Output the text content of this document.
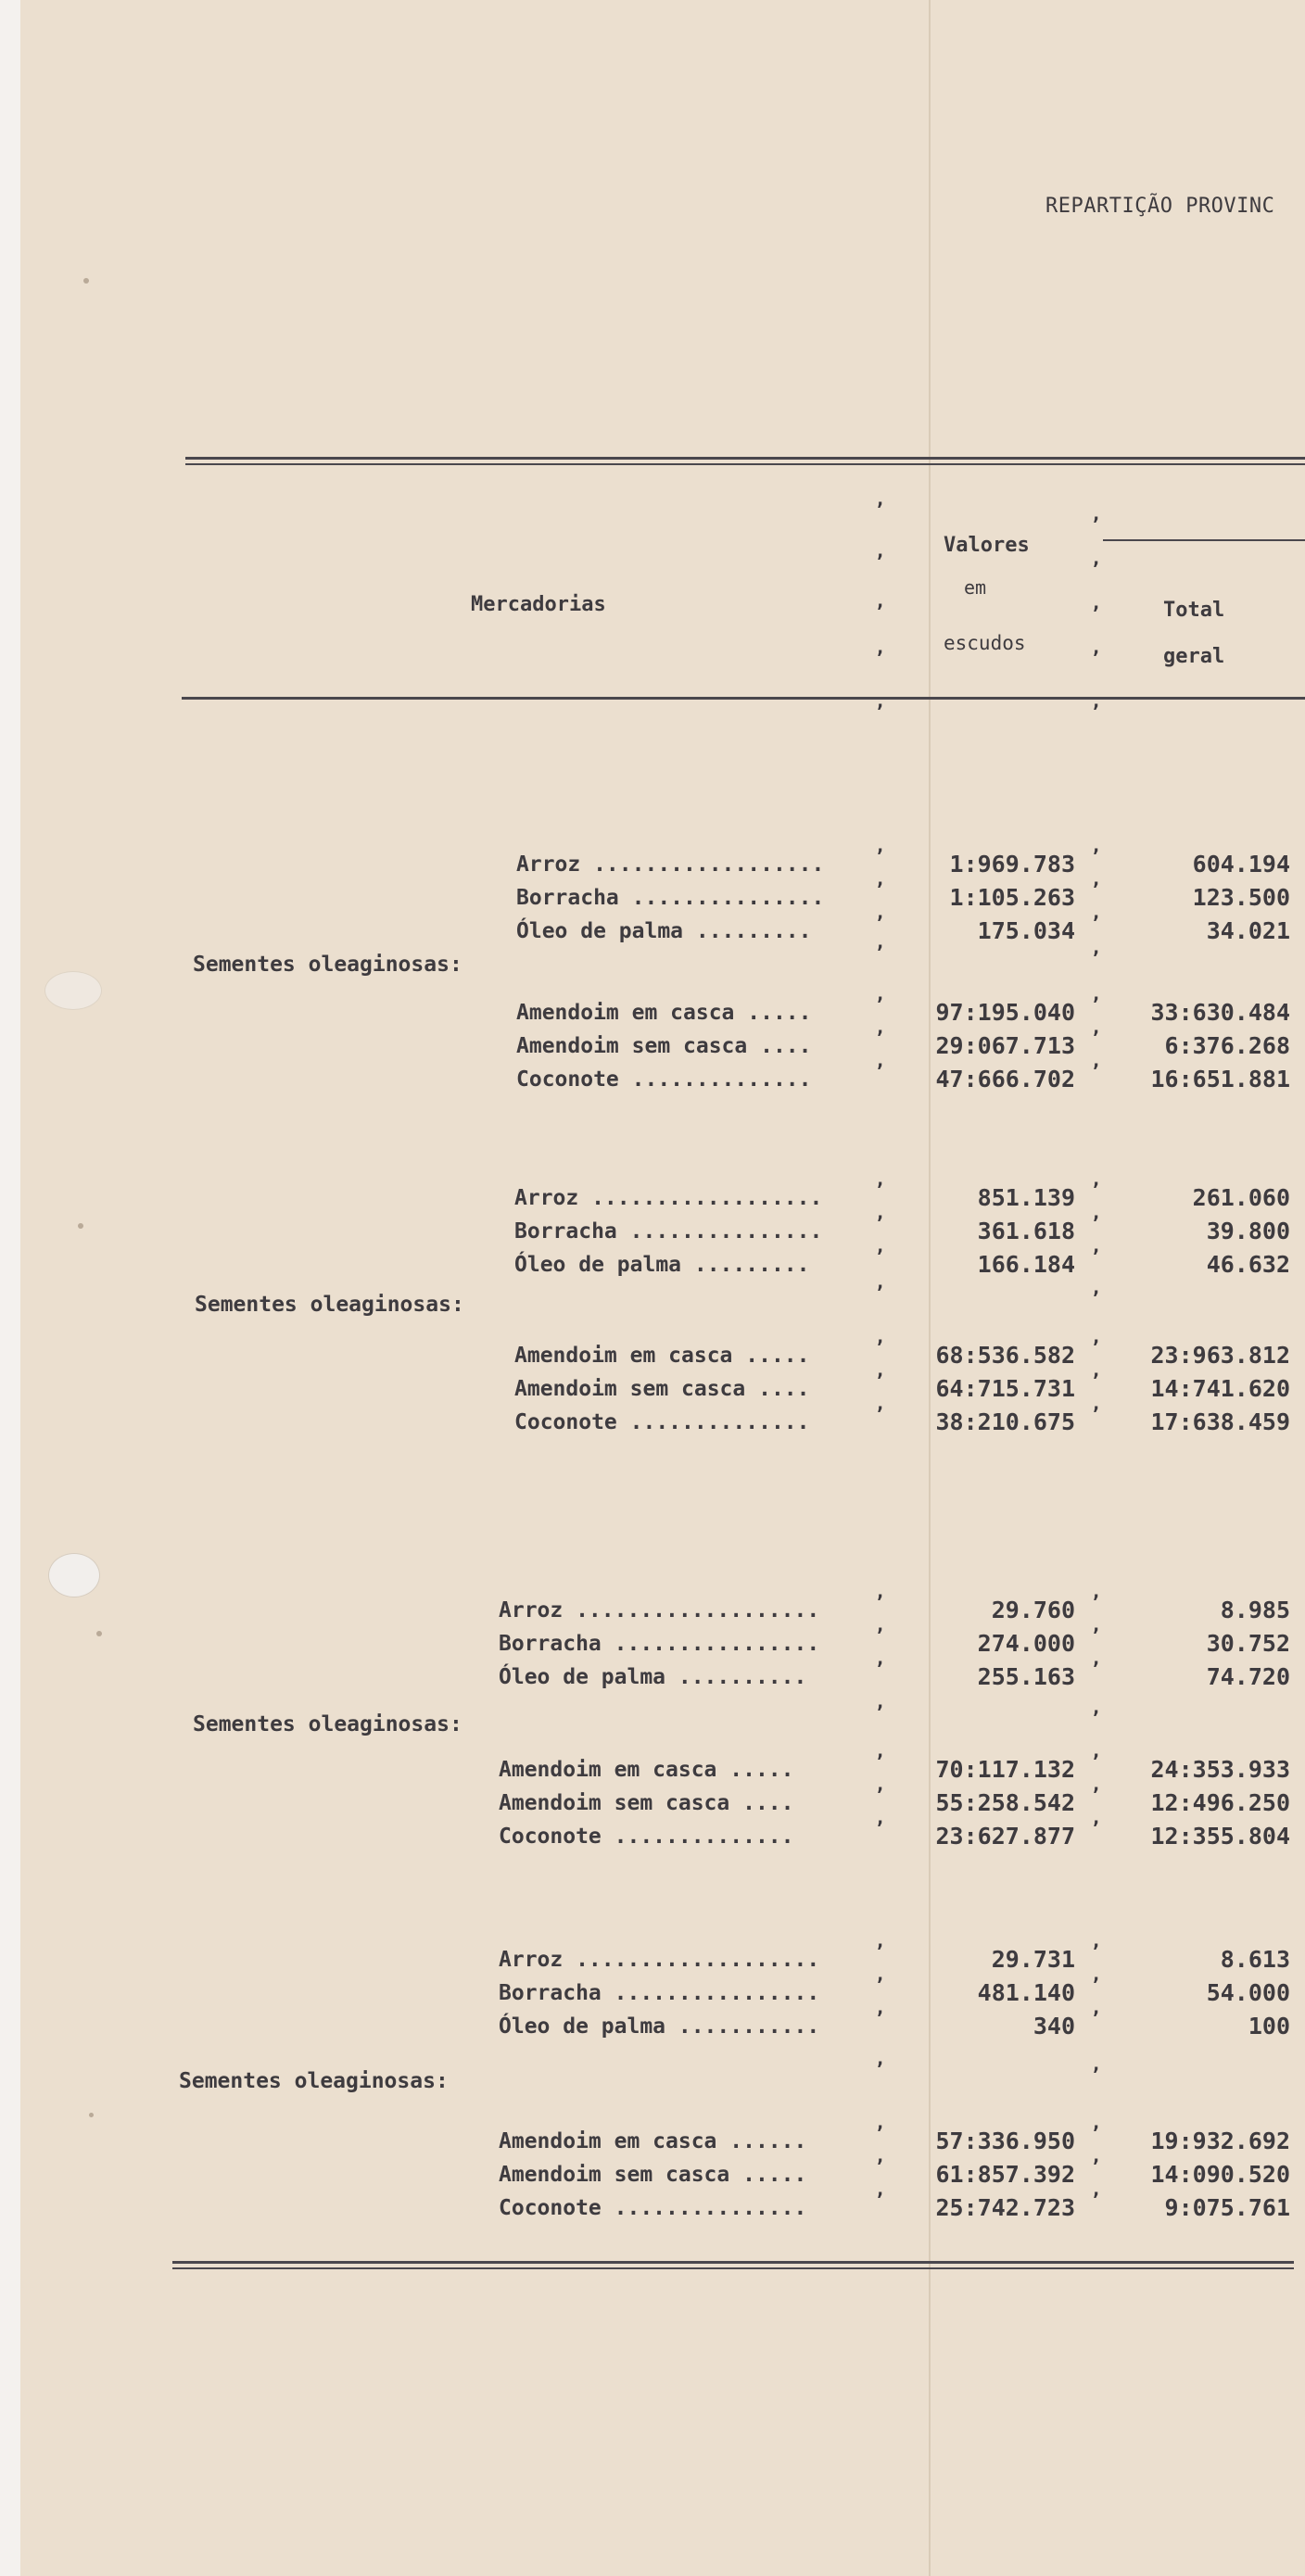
REPARTIÇÃO PROVINC
Mercadorias
Valores
em
escudos
Total
geral
Arroz ..................	1:969.783	604.194
’	’
Borracha ...............	1:105.263	123.500
’	’
Óleo de palma .........	175.034	34.021
’	’
Sementes oleaginosas:	’	’
Amendoim em casca .....	97:195.040	33:630.484
’	’
Amendoim sem casca ....	29:067.713	6:376.268
’	’
Coconote ..............	47:666.702	16:651.881
’	’
Arroz ..................	851.139	261.060
’	’
Borracha ...............	361.618	39.800
’	’
Óleo de palma .........	166.184	46.632
’	’
Sementes oleaginosas:	’	’
Amendoim em casca .....	68:536.582	23:963.812
’	’
Amendoim sem casca ....	64:715.731	14:741.620
’	’
Coconote ..............	38:210.675	17:638.459
’	’
Arroz ...................	29.760	8.985
’	’
Borracha ................	274.000	30.752
’	’
Óleo de palma ..........	255.163	74.720
’	’
Sementes oleaginosas:	’	’
Amendoim em casca .....	70:117.132	24:353.933
’	’
Amendoim sem casca ....	55:258.542	12:496.250
’	’
Coconote ..............	23:627.877	12:355.804
’	’
Arroz ...................	29.731	8.613
’	’
Borracha ................	481.140	54.000
’	’
Óleo de palma ...........	340	100
’	’
Sementes oleaginosas:	’	’
Amendoim em casca ......	57:336.950	19:932.692
’	’
Amendoim sem casca .....	61:857.392	14:090.520
’	’
Coconote ...............	25:742.723	9:075.761
’	’
’
’
’
’
’
’
’
’
’
’
